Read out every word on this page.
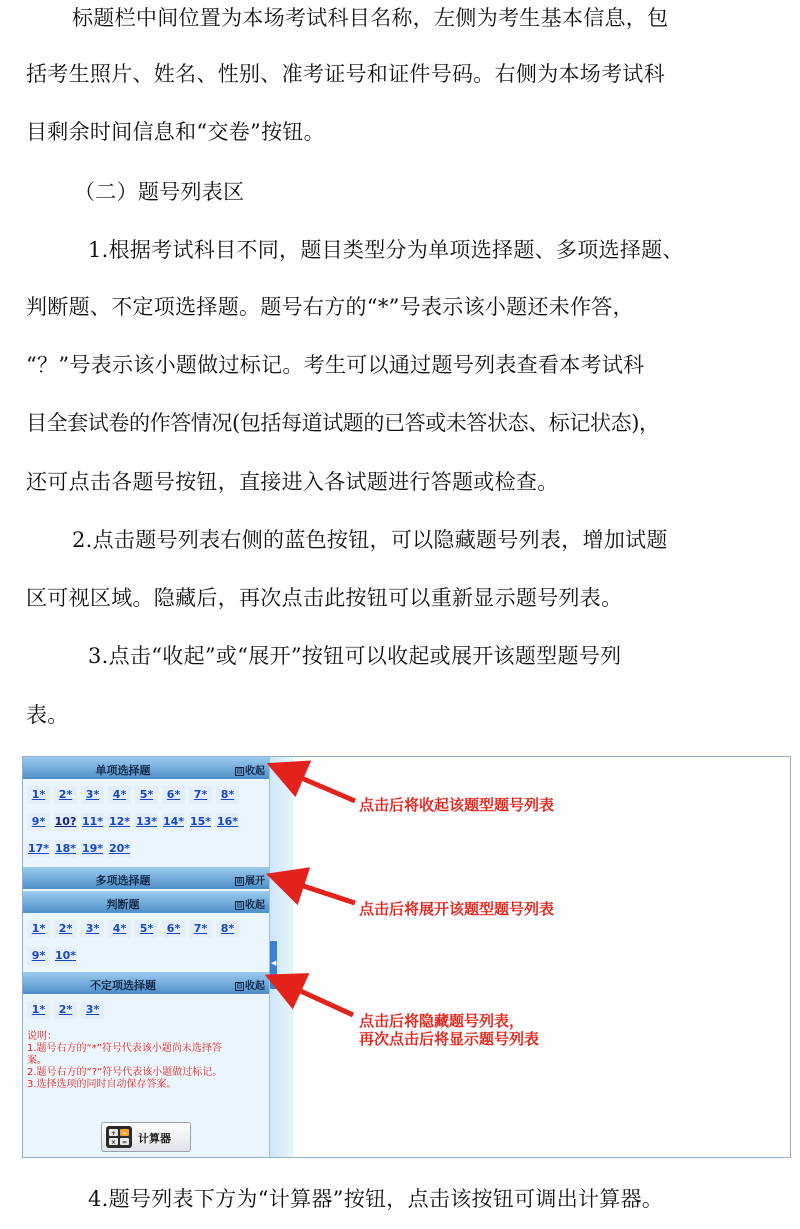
标题栏中间位置为本场考试科目名称，左侧为考生基本信息，包
括考生照片、姓名、性别、准考证号和证件号码。右侧为本场考试科
目剩余时间信息和“交卷”按钮。
（二）题号列表区
1.根据考试科目不同，题目类型分为单项选择题、多项选择题、
判断题、不定项选择题。题号右方的“*”号表示该小题还未作答，
“？”号表示该小题做过标记。考生可以通过题号列表查看本考试科
目全套试卷的作答情况(包括每道试题的已答或未答状态、标记状态)，
还可点击各题号按钮，直接进入各试题进行答题或检查。
2.点击题号列表右侧的蓝色按钮，可以隐藏题号列表，增加试题
区可视区域。隐藏后，再次点击此按钮可以重新显示题号列表。
3.点击“收起”或“展开”按钮可以收起或展开该题型题号列
表。
4.题号列表下方为“计算器”按钮，点击该按钮可调出计算器。
单项选择题	⊟ 收起
多项选择题	⊞ 展开
判断题	⊟ 收起
不定项选择题	⊟ 收起
说明：
1.题号右方的“*”符号代表该小题尚未选择答
案。
2.题号右方的“?”符号代表该小题做过标记。
3.选择选项的同时自动保存答案。
+ −
× = 计算器
1*	2*	3*	4*	5*	6*	7*	8*
9* 10? 11* 12* 13* 14* 15* 16*
17* 18* 19* 20*
1*	2*	3*	4*	5*	6*	7*	8*
9* 10*
1*	2*	3*
◀
点击后将收起该题型题号列表
点击后将展开该题型题号列表
点击后将隐藏题号列表，
再次点击后将显示题号列表
